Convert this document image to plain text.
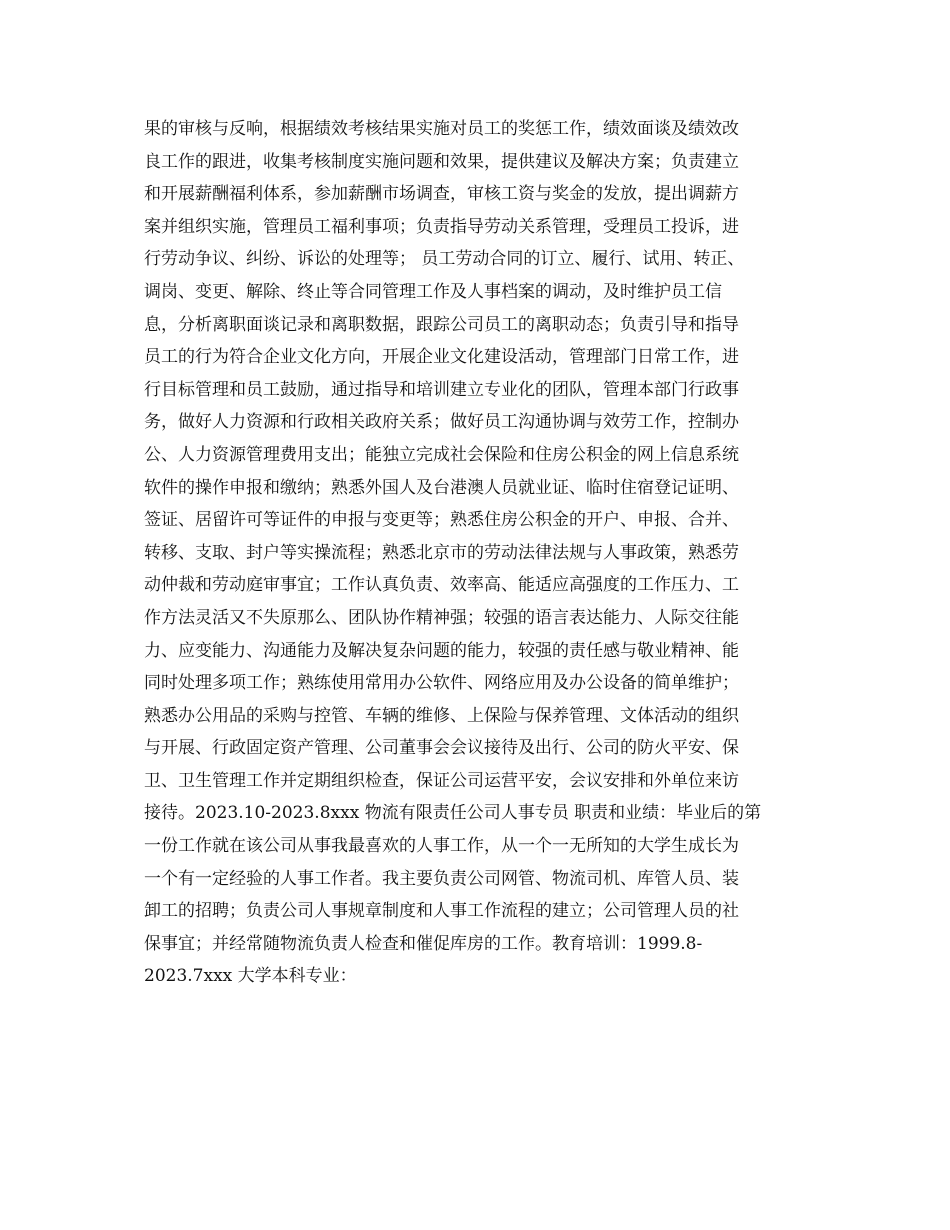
果的审核与反响，根据绩效考核结果实施对员工的奖惩工作，绩效面谈及绩效改
良工作的跟进，收集考核制度实施问题和效果，提供建议及解决方案；负责建立
和开展薪酬福利体系，参加薪酬市场调查，审核工资与奖金的发放，提出调薪方
案并组织实施，管理员工福利事项；负责指导劳动关系管理，受理员工投诉，进
行劳动争议、纠纷、诉讼的处理等； 员工劳动合同的订立、履行、试用、转正、
调岗、变更、解除、终止等合同管理工作及人事档案的调动，及时维护员工信
息，分析离职面谈记录和离职数据，跟踪公司员工的离职动态；负责引导和指导
员工的行为符合企业文化方向，开展企业文化建设活动，管理部门日常工作，进
行目标管理和员工鼓励，通过指导和培训建立专业化的团队，管理本部门行政事
务，做好人力资源和行政相关政府关系；做好员工沟通协调与效劳工作，控制办
公、人力资源管理费用支出；能独立完成社会保险和住房公积金的网上信息系统
软件的操作申报和缴纳；熟悉外国人及台港澳人员就业证、临时住宿登记证明、
签证、居留许可等证件的申报与变更等；熟悉住房公积金的开户、申报、合并、
转移、支取、封户等实操流程；熟悉北京市的劳动法律法规与人事政策，熟悉劳
动仲裁和劳动庭审事宜；工作认真负责、效率高、能适应高强度的工作压力、工
作方法灵活又不失原那么、团队协作精神强；较强的语言表达能力、人际交往能
力、应变能力、沟通能力及解决复杂问题的能力，较强的责任感与敬业精神、能
同时处理多项工作；熟练使用常用办公软件、网络应用及办公设备的简单维护；
熟悉办公用品的采购与控管、车辆的维修、上保险与保养管理、文体活动的组织
与开展、行政固定资产管理、公司董事会会议接待及出行、公司的防火平安、保
卫、卫生管理工作并定期组织检查，保证公司运营平安，会议安排和外单位来访
接待。2023.10-2023.8xxx 物流有限责任公司人事专员 职责和业绩：毕业后的第
一份工作就在该公司从事我最喜欢的人事工作，从一个一无所知的大学生成长为
一个有一定经验的人事工作者。我主要负责公司网管、物流司机、库管人员、装
卸工的招聘；负责公司人事规章制度和人事工作流程的建立；公司管理人员的社
保事宜；并经常随物流负责人检查和催促库房的工作。教育培训：1999.8-
2023.7xxx 大学本科专业：
